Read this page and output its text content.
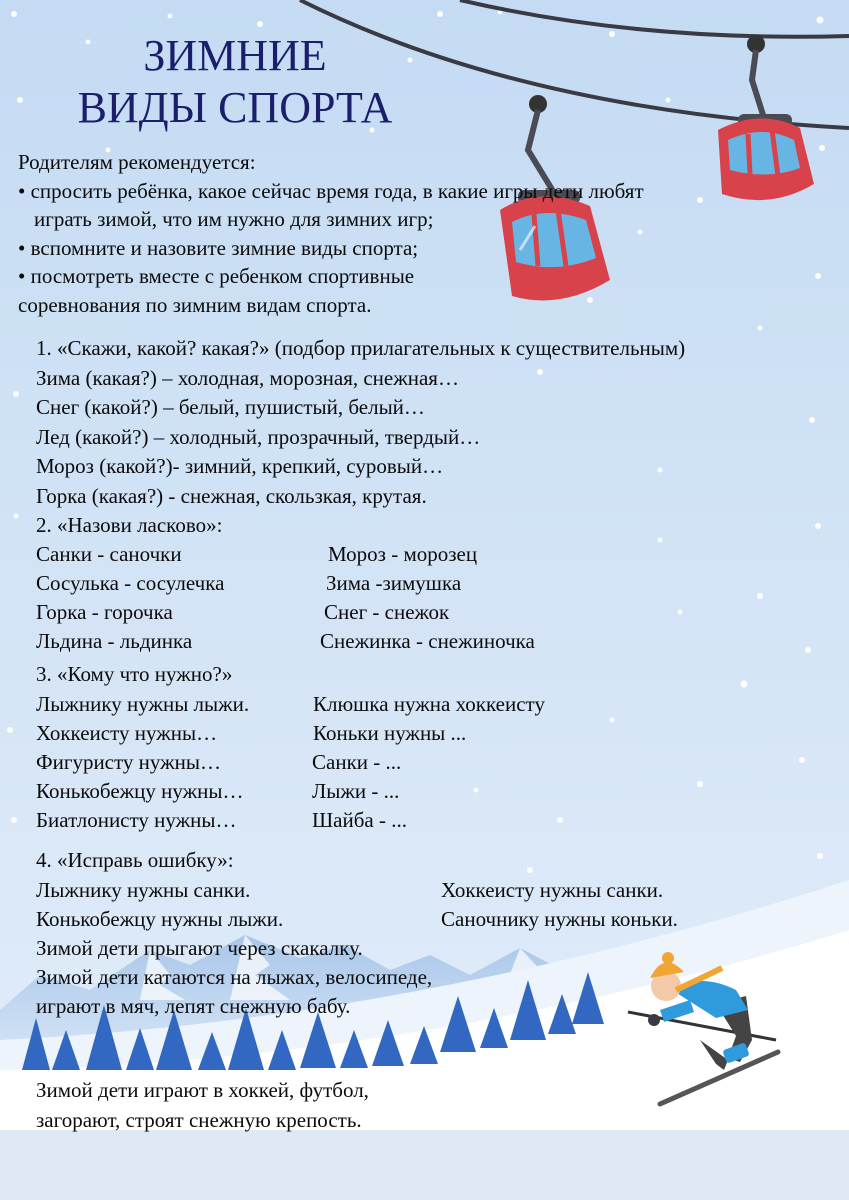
ЗИМНИЕ
ВИДЫ СПОРТА
Родителям рекомендуется:
• спросить ребёнка, какое сейчас время года, в какие игры дети любят
играть зимой, что им нужно для зимних игр;
• вспомните и назовите зимние виды спорта;
• посмотреть вместе с ребенком спортивные
соревнования по зимним видам спорта.
1. «Скажи, какой? какая?» (подбор прилагательных к существительным)
Зима (какая?) – холодная, морозная, снежная…
Снег (какой?) – белый, пушистый, белый…
Лед (какой?) – холодный, прозрачный, твердый…
Мороз (какой?)- зимний, крепкий, суровый…
Горка (какая?) - снежная, скользкая, крутая.
2. «Назови ласково»:
Санки - саночки	Мороз - морозец
Сосулька - сосулечка	Зима -зимушка
Горка - горочка	Снег - снежок
Льдина - льдинка	Снежинка - снежиночка
3. «Кому что нужно?»
Лыжнику нужны лыжи.	Клюшка нужна хоккеисту
Хоккеисту нужны…	Коньки нужны ...
Фигуристу нужны…	Санки - ...
Конькобежцу нужны…	Лыжи - ...
Биатлонисту нужны…	Шайба - ...
4. «Исправь ошибку»:
Лыжнику нужны санки.	Хоккеисту нужны санки.
Конькобежцу нужны лыжи.	Саночнику нужны коньки.
Зимой дети прыгают через скакалку.
Зимой дети катаются на лыжах, велосипеде,
играют в мяч, лепят снежную бабу.
Зимой дети играют в хоккей, футбол,
загорают, строят снежную крепость.
